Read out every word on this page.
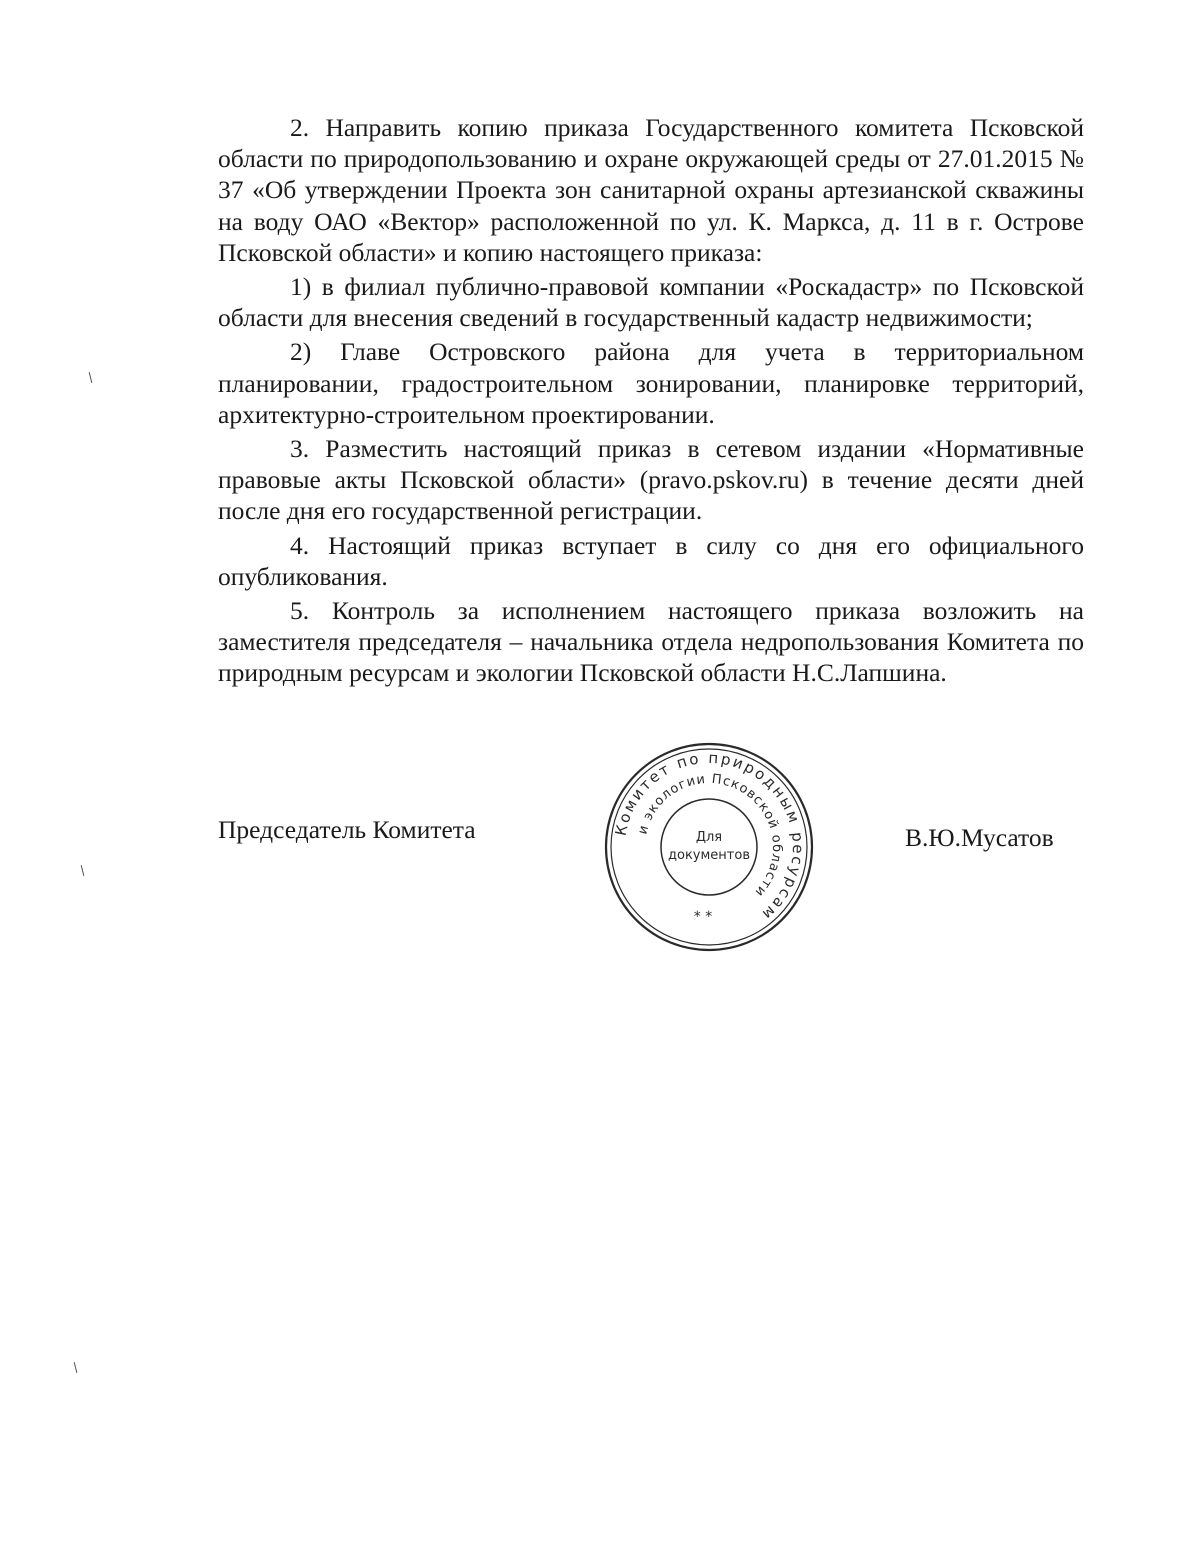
2. Направить копию приказа Государственного комитета Псковской области по природопользованию и охране окружающей среды от 27.01.2015 № 37 «Об утверждении Проекта зон санитарной охраны артезианской скважины на воду ОАО «Вектор» расположенной по ул. К. Маркса, д. 11 в г. Острове Псковской области» и копию настоящего приказа:

1) в филиал публично-правовой компании «Роскадастр» по Псковской области для внесения сведений в государственный кадастр недвижимости;

2) Главе Островского района для учета в территориальном планировании, градостроительном зонировании, планировке территорий, архитектурно-строительном проектировании.

3. Разместить настоящий приказ в сетевом издании «Нормативные правовые акты Псковской области» (pravo.pskov.ru) в течение десяти дней после дня его государственной регистрации.

4. Настоящий приказ вступает в силу со дня его официального опубликования.

5. Контроль за исполнением настоящего приказа возложить на заместителя председателя – начальника отдела недропользования Комитета по природным ресурсам и экологии Псковской области Н.С.Лапшина.

Председатель Комитета	В.Ю.Мусатов
Комитет по природным ресурсам
и экологии Псковской области
Для
документов
* *
